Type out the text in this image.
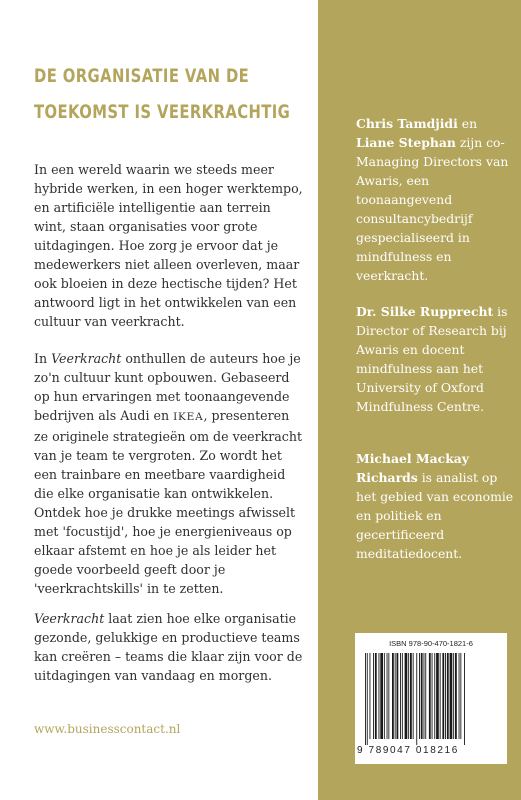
DE ORGANISATIE VAN DE
TOEKOMST IS VEERKRACHTIG

In een wereld waarin we steeds meer hybride werken, in een hoger werktempo, en artificiële intelligentie aan terrein wint, staan organisaties voor grote uitdagingen. Hoe zorg je ervoor dat je medewerkers niet alleen overleven, maar ook bloeien in deze hectische tijden? Het antwoord ligt in het ontwikkelen van een cultuur van veerkracht.

In Veerkracht onthullen de auteurs hoe je zo'n cultuur kunt opbouwen. Gebaseerd op hun ervaringen met toonaangevende bedrijven als Audi en IKEA, presenteren ze originele strategieën om de veerkracht van je team te vergroten. Zo wordt het een trainbare en meetbare vaardigheid die elke organisatie kan ontwikkelen. Ontdek hoe je drukke meetings afwisselt met 'focustijd', hoe je energieniveaus op elkaar afstemt en hoe je als leider het goede voorbeeld geeft door je 'veerkrachtskills' in te zetten.

Veerkracht laat zien hoe elke organisatie gezonde, gelukkige en productieve teams kan creëren – teams die klaar zijn voor de uitdagingen van vandaag en morgen.

www.businesscontact.nl

Chris Tamdjidi en Liane Stephan zijn co-Managing Directors van Awaris, een toonaangevend consultancybedrijf gespecialiseerd in mindfulness en veerkracht.

Dr. Silke Rupprecht is Director of Research bij Awaris en docent mindfulness aan het University of Oxford Mindfulness Centre.

Michael Mackay Richards is analist op het gebied van economie en politiek en gecertificeerd meditatiedocent.

ISBN 978-90-470-1821-6
9 789047 018216
